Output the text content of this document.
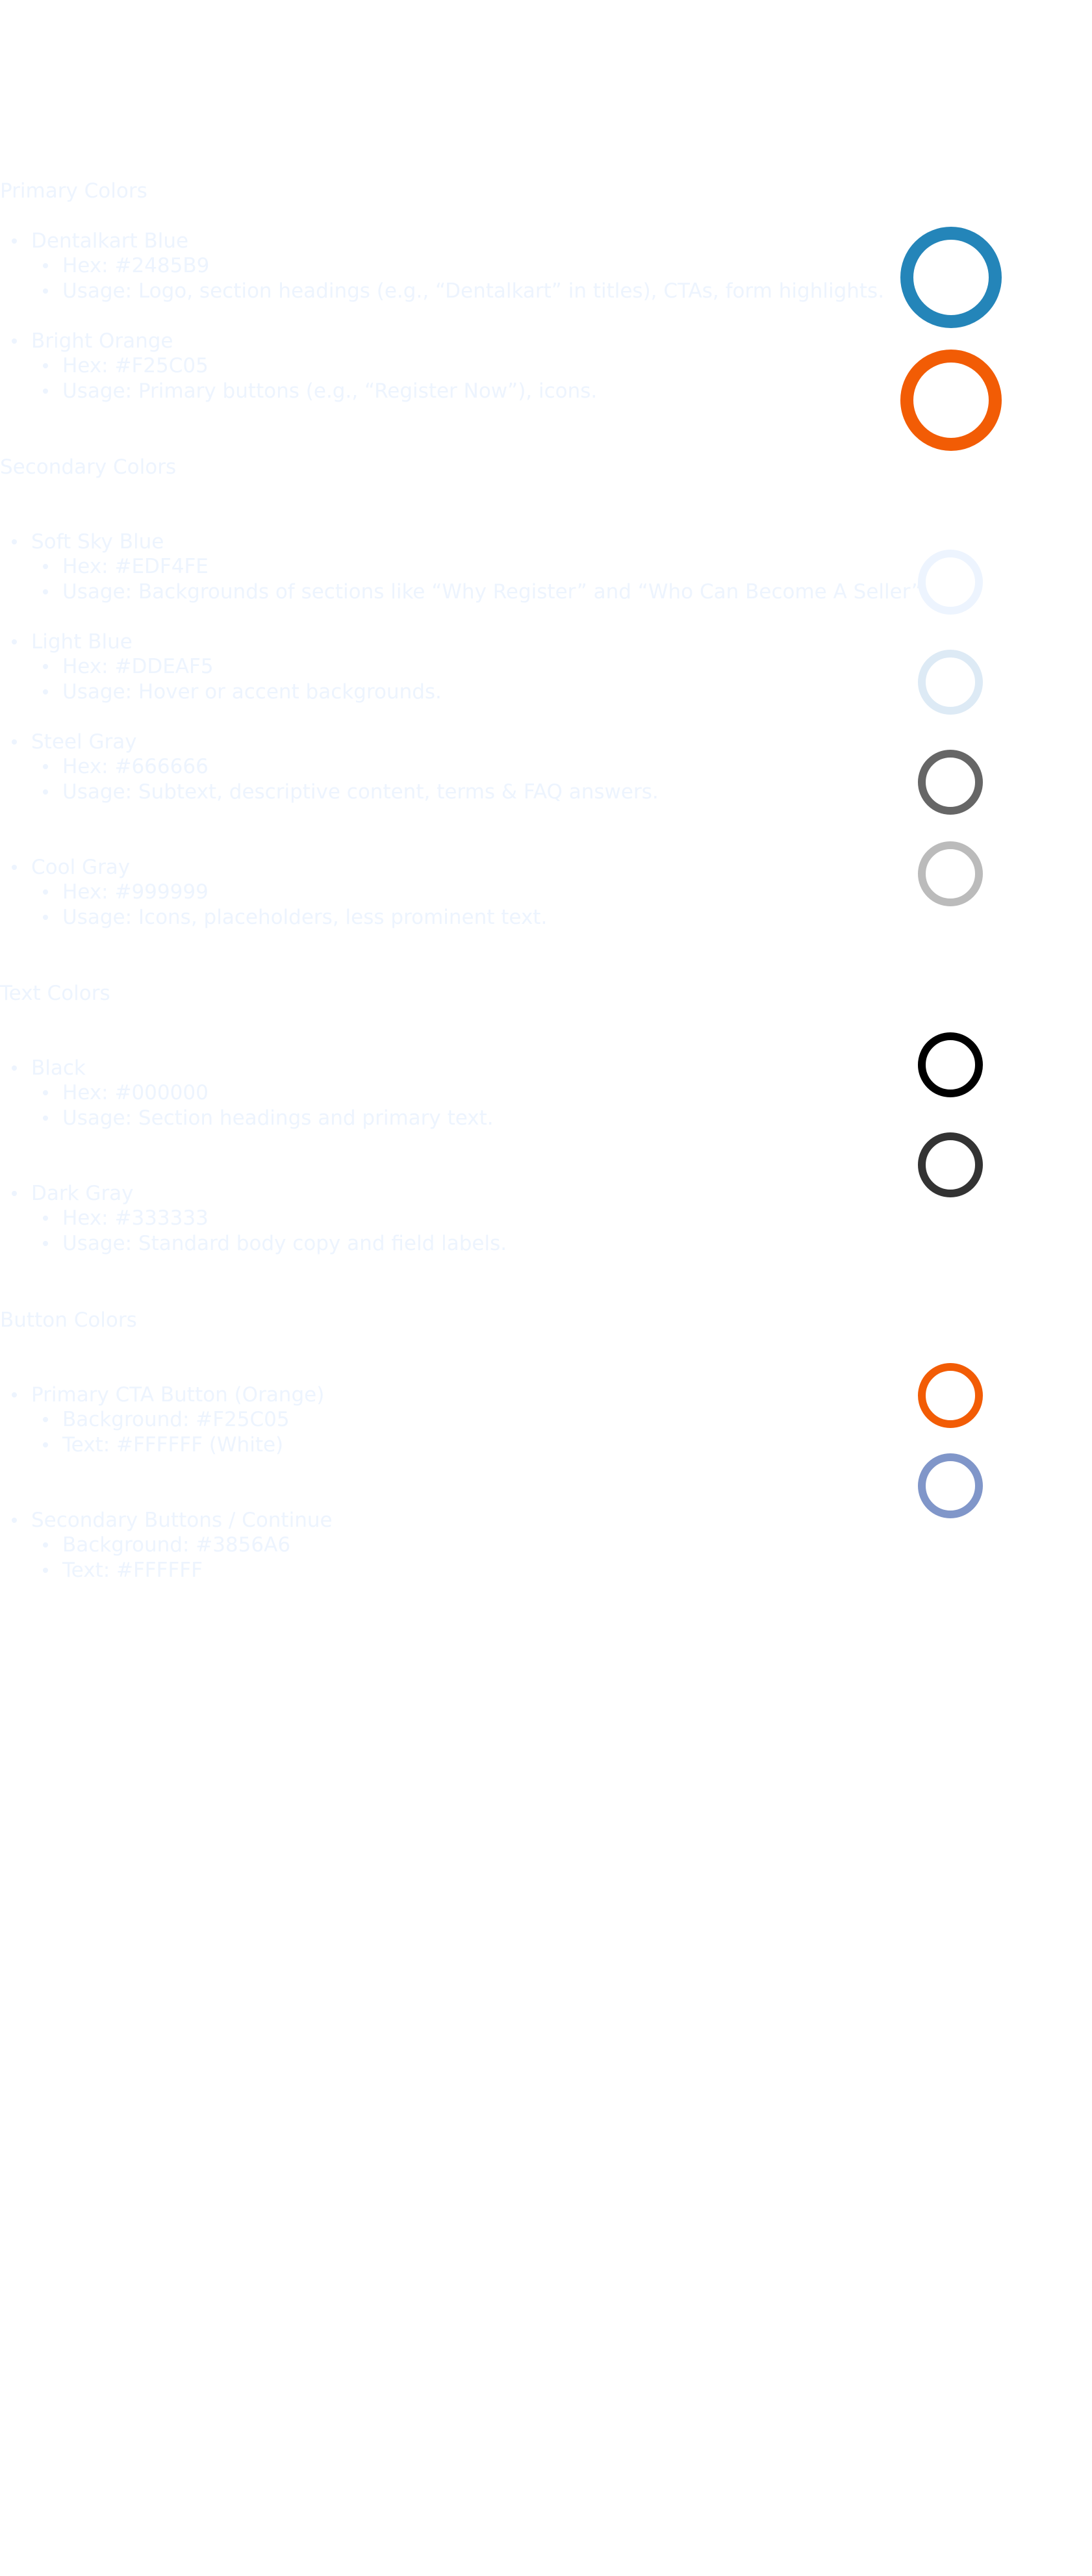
Primary Colors
Secondary Colors
Text Colors
Button Colors
Dentalkart Blue
Hex: #2485B9
Usage: Logo, section headings (e.g., “Dentalkart” in titles), CTAs, form highlights.
Bright Orange
Hex: #F25C05
Usage: Primary buttons (e.g., “Register Now”), icons.
Soft Sky Blue
Hex: #EDF4FE
Usage: Backgrounds of sections like “Why Register” and “Who Can Become A Seller”
Light Blue
Hex: #DDEAF5
Usage: Hover or accent backgrounds.
Steel Gray
Hex: #666666
Usage: Subtext, descriptive content, terms & FAQ answers.
Cool Gray
Hex: #999999
Usage: Icons, placeholders, less prominent text.
Black
Hex: #000000
Usage: Section headings and primary text.
Dark Gray
Hex: #333333
Usage: Standard body copy and field labels.
Primary CTA Button (Orange)
Background: #F25C05
Text: #FFFFFF (White)
Secondary Buttons / Continue
Background: #3856A6
Text: #FFFFFF
